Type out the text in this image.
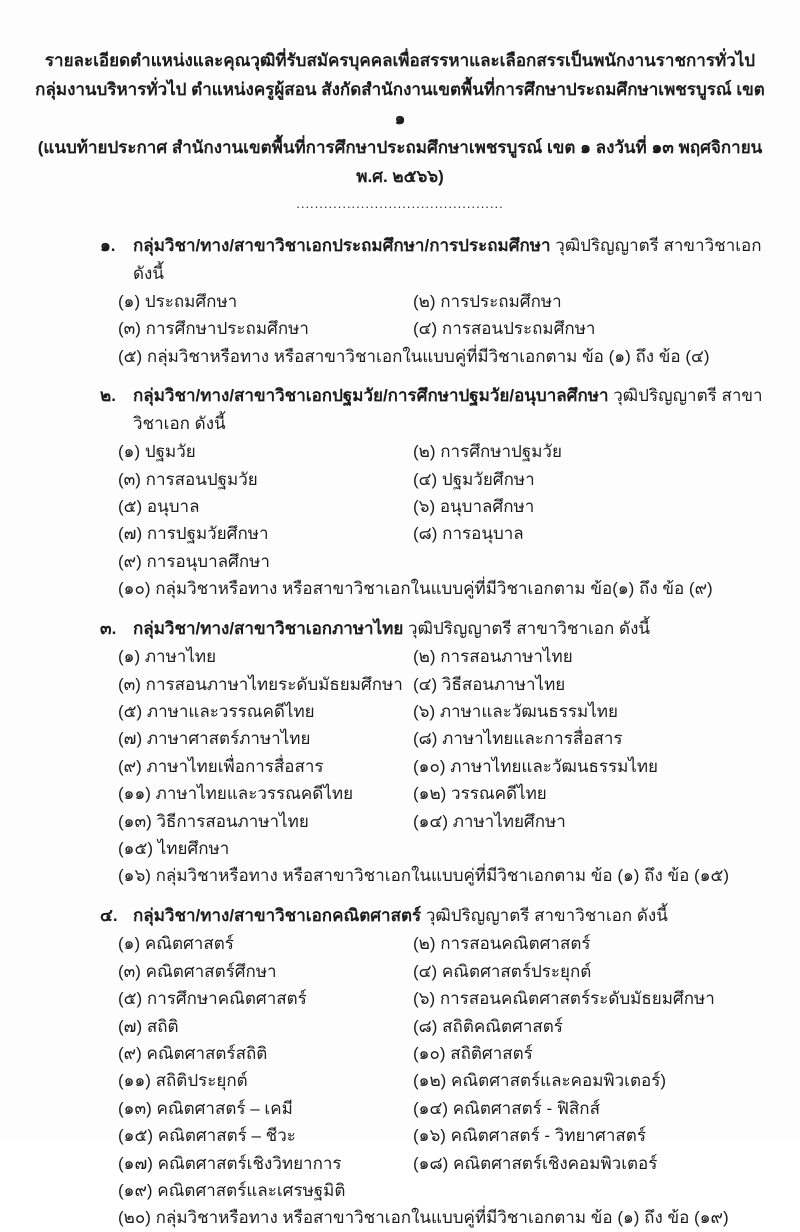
รายละเอียดตำแหน่งและคุณวุฒิที่รับสมัครบุคคลเพื่อสรรหาและเลือกสรรเป็นพนักงานราชการทั่วไป
กลุ่มงานบริหารทั่วไป ตำแหน่งครูผู้สอน สังกัดสำนักงานเขตพื้นที่การศึกษาประถมศึกษาเพชรบูรณ์ เขต ๑
(แนบท้ายประกาศ สำนักงานเขตพื้นที่การศึกษาประถมศึกษาเพชรบูรณ์ เขต ๑ ลงวันที่ ๑๓ พฤศจิกายน พ.ศ. ๒๕๖๖)
.............................................
๑.	กลุ่มวิชา/ทาง/สาขาวิชาเอกประถมศึกษา/การประถมศึกษา วุฒิปริญญาตรี สาขาวิชาเอก ดังนี้
(๑) ประถมศึกษา	(๒) การประถมศึกษา
(๓) การศึกษาประถมศึกษา	(๔) การสอนประถมศึกษา
(๕) กลุ่มวิชาหรือทาง หรือสาขาวิชาเอกในแบบคู่ที่มีวิชาเอกตาม ข้อ (๑) ถึง ข้อ (๔)
๒.	กลุ่มวิชา/ทาง/สาขาวิชาเอกปฐมวัย/การศึกษาปฐมวัย/อนุบาลศึกษา วุฒิปริญญาตรี สาขาวิชาเอก ดังนี้
(๑) ปฐมวัย	(๒) การศึกษาปฐมวัย
(๓) การสอนปฐมวัย	(๔) ปฐมวัยศึกษา
(๕) อนุบาล	(๖) อนุบาลศึกษา
(๗) การปฐมวัยศึกษา	(๘) การอนุบาล
(๙) การอนุบาลศึกษา
(๑๐) กลุ่มวิชาหรือทาง หรือสาขาวิชาเอกในแบบคู่ที่มีวิชาเอกตาม ข้อ(๑) ถึง ข้อ (๙)
๓. กลุ่มวิชา/ทาง/สาขาวิชาเอกภาษาไทย วุฒิปริญญาตรี สาขาวิชาเอก ดังนี้
(๑) ภาษาไทย	(๒) การสอนภาษาไทย
(๓) การสอนภาษาไทยระดับมัธยมศึกษา (๔) วิธีสอนภาษาไทย
(๕) ภาษาและวรรณคดีไทย	(๖) ภาษาและวัฒนธรรมไทย
(๗) ภาษาศาสตร์ภาษาไทย	(๘) ภาษาไทยและการสื่อสาร
(๙) ภาษาไทยเพื่อการสื่อสาร	(๑๐) ภาษาไทยและวัฒนธรรมไทย
(๑๑) ภาษาไทยและวรรณคดีไทย	(๑๒) วรรณคดีไทย
(๑๓) วิธีการสอนภาษาไทย	(๑๔) ภาษาไทยศึกษา
(๑๕) ไทยศึกษา
(๑๖) กลุ่มวิชาหรือทาง หรือสาขาวิชาเอกในแบบคู่ที่มีวิชาเอกตาม ข้อ (๑) ถึง ข้อ (๑๕)
๔. กลุ่มวิชา/ทาง/สาขาวิชาเอกคณิตศาสตร์ วุฒิปริญญาตรี สาขาวิชาเอก ดังนี้
(๑) คณิตศาสตร์	(๒) การสอนคณิตศาสตร์
(๓) คณิตศาสตร์ศึกษา	(๔) คณิตศาสตร์ประยุกต์
(๕) การศึกษาคณิตศาสตร์	(๖) การสอนคณิตศาสตร์ระดับมัธยมศึกษา
(๗) สถิติ	(๘) สถิติคณิตศาสตร์
(๙) คณิตศาสตร์สถิติ	(๑๐) สถิติศาสตร์
(๑๑) สถิติประยุกต์	(๑๒) คณิตศาสตร์และคอมพิวเตอร์)
(๑๓) คณิตศาสตร์ – เคมี	(๑๔) คณิตศาสตร์ - ฟิสิกส์
(๑๕) คณิตศาสตร์ – ชีวะ	(๑๖) คณิตศาสตร์ - วิทยาศาสตร์
(๑๗) คณิตศาสตร์เชิงวิทยาการ	(๑๘) คณิตศาสตร์เชิงคอมพิวเตอร์
(๑๙) คณิตศาสตร์และเศรษฐมิติ
(๒๐) กลุ่มวิชาหรือทาง หรือสาขาวิชาเอกในแบบคู่ที่มีวิชาเอกตาม ข้อ (๑) ถึง ข้อ (๑๙)
